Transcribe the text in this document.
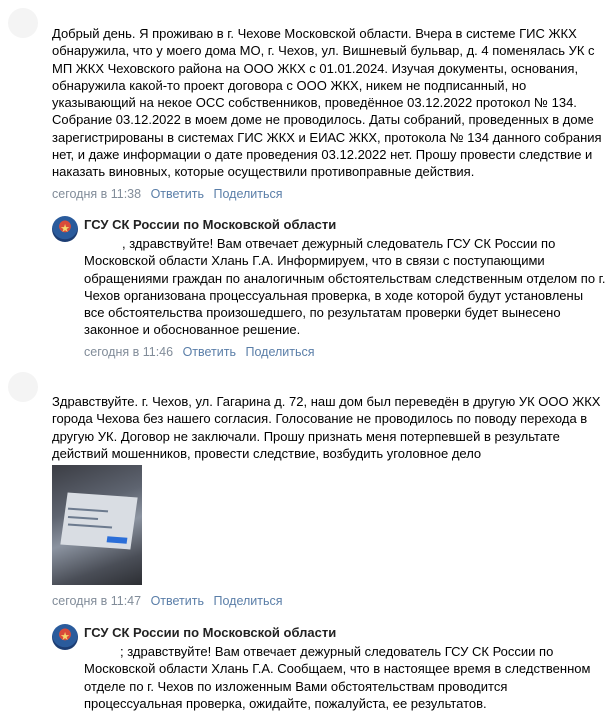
Добрый день. Я проживаю в г. Чехове Московской области. Вчера в системе ГИС ЖКХ обнаружила, что у моего дома МО, г. Чехов, ул. Вишневый бульвар, д. 4 поменялась УК с МП ЖКХ Чеховского района на ООО ЖКХ с 01.01.2024. Изучая документы, основания, обнаружила какой-то проект договора с ООО ЖКХ, никем не подписанный, но указывающий на некое ОСС собственников, проведённое 03.12.2022 протокол № 134. Собрание 03.12.2022 в моем доме не проводилось. Даты собраний, проведенных в доме зарегистрированы в системах ГИС ЖКХ и ЕИАС ЖКХ, протокола № 134 данного собрания нет, и даже информации о дате проведения 03.12.2022 нет. Прошу провести следствие и наказать виновных, которые осуществили противоправные действия.
сегодня в 11:38 Ответить Поделиться
★ ГСУ СК России по Московской области
, здравствуйте! Вам отвечает дежурный следователь ГСУ СК России по Московской области Хлань Г.А. Информируем, что в связи с поступающими обращениями граждан по аналогичным обстоятельствам следственным отделом по г. Чехов организована процессуальная проверка, в ходе которой будут установлены все обстоятельства произошедшего, по результатам проверки будет вынесено законное и обоснованное решение.
сегодня в 11:46 Ответить Поделиться
Здравствуйте. г. Чехов, ул. Гагарина д. 72, наш дом был переведён в другую УК ООО ЖКХ города Чехова без нашего согласия. Голосование не проводилось по поводу перехода в другую УК. Договор не заключали. Прошу признать меня потерпевшей в результате действий мошенников, провести следствие, возбудить уголовное дело
сегодня в 11:47 Ответить Поделиться
★ ГСУ СК России по Московской области
; здравствуйте! Вам отвечает дежурный следователь ГСУ СК России по Московской области Хлань Г.А. Сообщаем, что в настоящее время в следственном отделе по г. Чехов по изложенным Вами обстоятельствам проводится процессуальная проверка, ожидайте, пожалуйста, ее результатов.
